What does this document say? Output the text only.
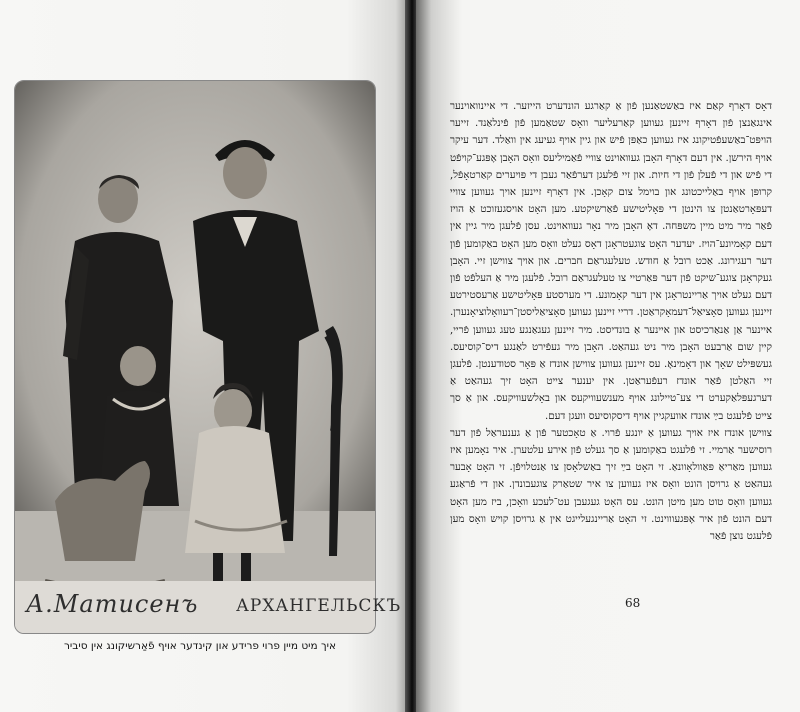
А.Матисенъ АРХАНГЕЛЬСКЪ
איך מיט מיין פרוי פרידע און קינדער אויף פֿאַרשיקונג אין סיביר

דאָס דאָרף קאַם איז באַשטאַנען פֿון אַ קאַרגע הונדערט הייזער. די איינוואוינער אינגאַנצן פֿון דאָרף זיינען געווען קאַרעליער וואָס שטאַמען פֿון פֿינלאַנד. זייער הויפּט־באַשעפֿטיקונג איז געווען כאַפּן פֿיש און גיין אויף געיעג אין וואַלד. דער עיקר אויף הירשן. אין דעם דאָרף האָבן געוואוינט צוויי פֿאַמיליעס וואָס האָבן אָפּגע־קויפֿט די פֿיש און די פֿעלן פֿון די חיות. און זיי פֿלעגן דערפֿאַר געבן די פּויערים קאַרטאָפֿל, קרופּן אויף באַלייכטונג און בוימל צום קאָכן. אין דאָרף זיינען אויך געווען צוויי דעפּאָרטאַנטן צו הינטן די פּאָליטישע פֿאַרשיקטע. מען האָט אויסגעזוכט אַ הויז פֿאַר מיר מיט מיין משפּחה. דאָ האָבן מיר נאָר געוואוינט. עסן פֿלעגן מיר גיין אין דעם קאָמיונע־הויז. יעדער האָט צוגעטראָגן דאָס געלט וואָס מען האָט באַקומען פֿון דער רעגירונג. אַכט רובל אַ חודש. טעלעגראַם חברים. און אויך צווישן זיי. האָבן געקראָגן צוגע־שיקט פֿון דער פּאַרטיי צו טעלעגראַם רובל. פֿלעגן מיר אַ העלפֿט פֿון דעם געלט אויך אַריינטראָגן אין דער קאָמונע. די מערסטע פּאָליטישע אַרעסטירטע זיינען געווען סאָציאַל־דעמאָקראַטן. דריי זיינען געווען סאָציאַליסטן־רעוואָלוציאָנערן. איינער אַן אַנאַרכיסט און איינער אַ בונדיסט. מיר זיינען געגאַנגע טעג געווען פֿריי, קיין שום אַרבעט האָבן מיר ניט געהאַט. האָבן מיר געפֿירט לאַנגע דיס־קוסיעס. געשפּילט שאָך און דאָמינאָ. עס זיינען געווען צווישן אונדז אַ פּאָר סטודענטן. פֿלעגן זיי האַלטן פֿאַר אונדז רעפֿעראַטן. אין יענער צייט האָט זיך געהאַט אַ דערגעפּלאַקערט די צע־טיילונג אויף מענשעוויקעס און באָלשעוויקעס. און אַ סך צייט פֿלעגט בײַ אונדז אוועקגיין אויף דיסקוסיעס וועגן דעם.

צווישן אונדז איז אויך געווען אַ יונגע פֿרוי. אַ טאָכטער פֿון אַ גענעראַל פֿון דער רוסישער אַרמיי. זי פֿלעגט באַקומען אַ סך געלט פֿון אירע עלטערן. איר נאָמען איז געווען מאַריאַ פּאַוולאָוונאַ. זי האָט בײַ זיך באַשלאָסן צו אַנטלויפֿן. זי האָט אָבער געהאַט אַ גרויסן הונט וואָס איז געווען צו איר שטאַרק צוגעבונדן. און די פֿראַגע געווען וואָס טוט מען מיטן הונט. עס האָט געגעבן עט־לעכע וואָכן, ביז מען האָט דעם הונט פֿון איר אָפּגעוווינט. זי האָט אַריינגעלייגט אין אַ גרויסן קויש וואָס מען פֿלעגט נוצן פֿאַר

68
